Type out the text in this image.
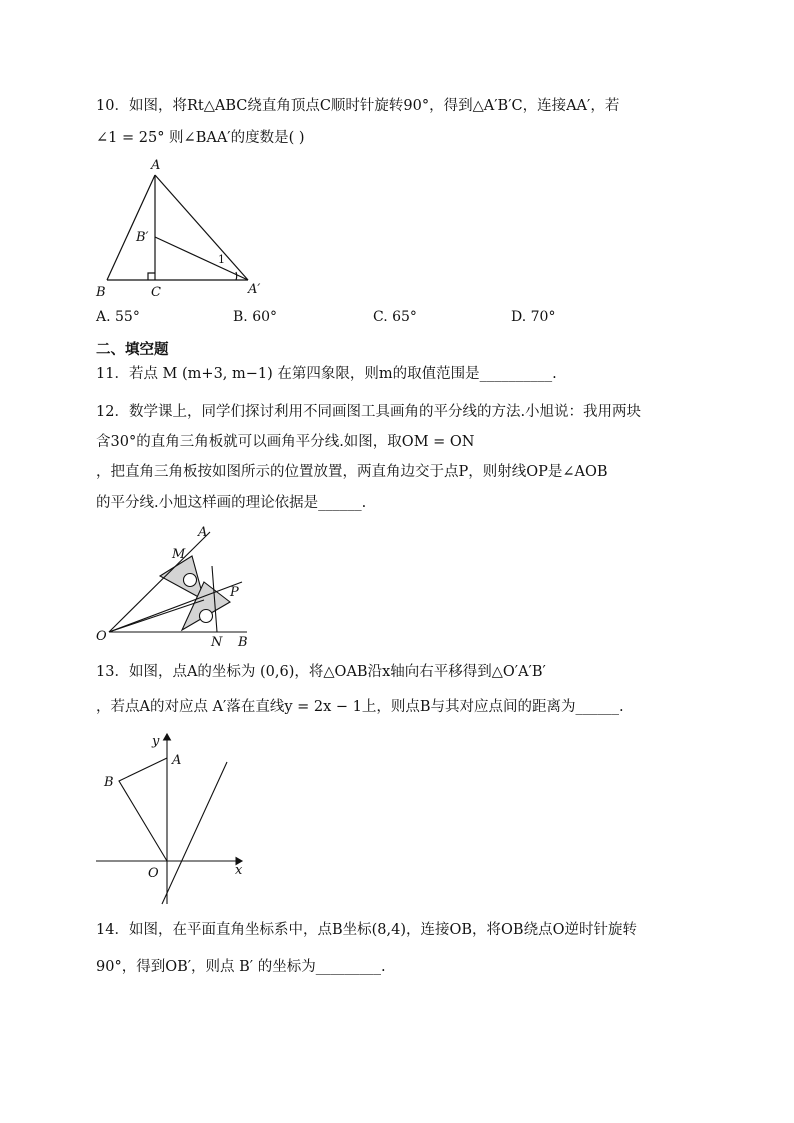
10．如图，将Rt△ABC绕直角顶点C顺时针旋转90°，得到△A′B′C，连接AA′，若
∠1 = 25° 则∠BAA′的度数是( )
A
B′
1
B	C	A′
A. 55°	B. 60°	C. 65°	D. 70°
二、填空题
11．若点 M (m+3, m−1) 在第四象限，则m的取值范围是__________.
12．数学课上，同学们探讨利用不同画图工具画角的平分线的方法.小旭说：我用两块
含30°的直角三角板就可以画角平分线.如图，取OM = ON
，把直角三角板按如图所示的位置放置，两直角边交于点P，则射线OP是∠AOB
的平分线.小旭这样画的理论依据是______.
A
M
P
O	N B
13．如图，点A的坐标为 (0,6)，将△OAB沿x轴向右平移得到△O′A′B′
，若点A的对应点 A′落在直线y = 2x − 1上，则点B与其对应点间的距离为______.
y
A
B
O	x
14．如图，在平面直角坐标系中，点B坐标(8,4)，连接OB，将OB绕点O逆时针旋转
90°，得到OB′，则点 B′ 的坐标为_________.
